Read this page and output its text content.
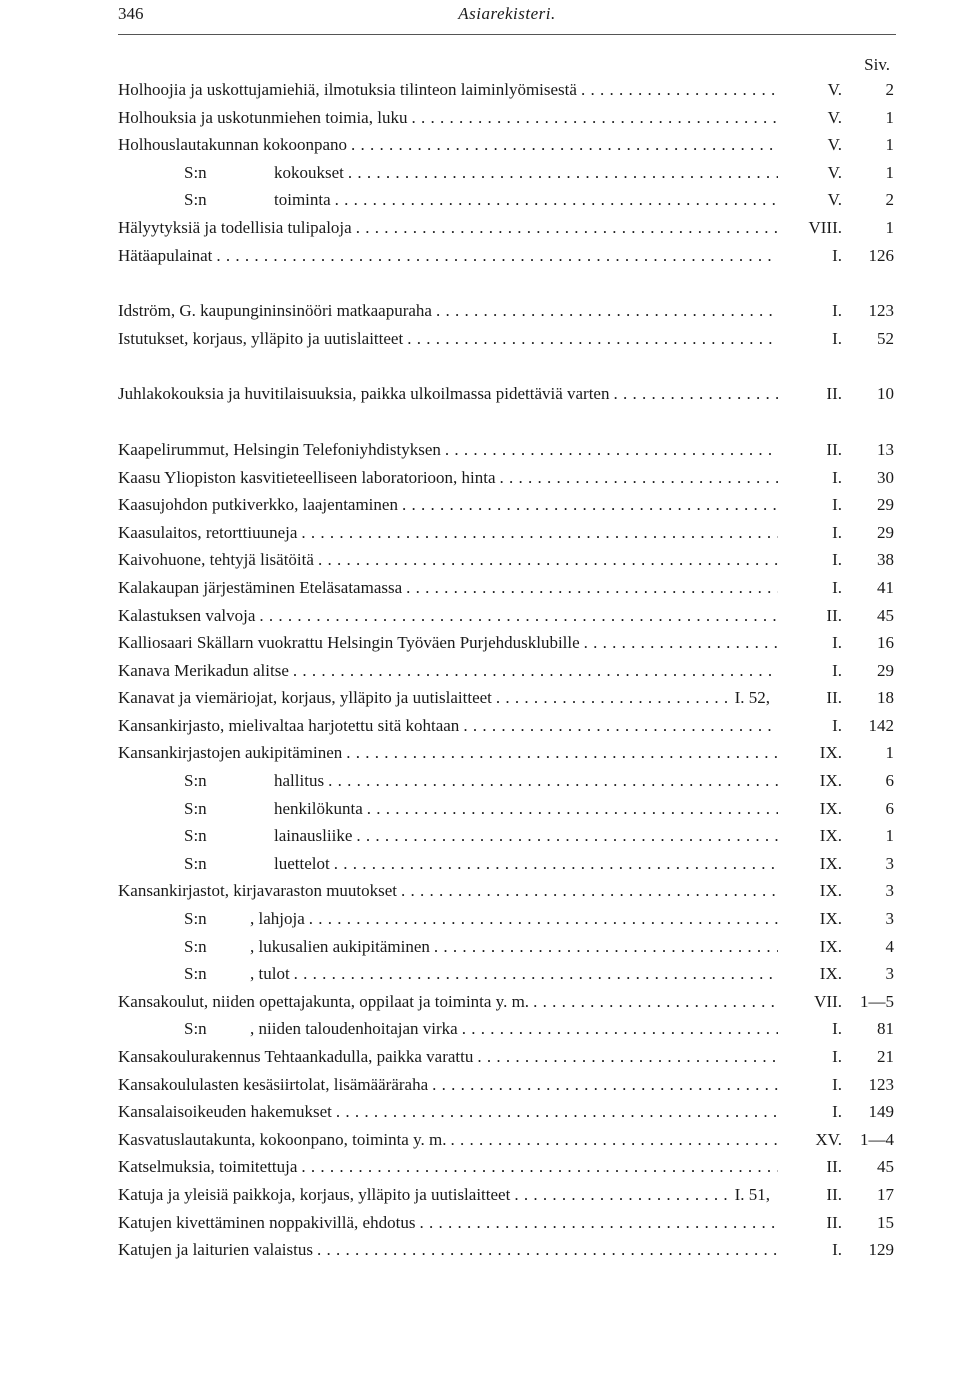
346	Asiarekisteri.
Siv.
Holhoojia ja uskottujamiehiä, ilmotuksia tilinteon laiminlyömisestä . . .	V.	2
Holhouksia ja uskotunmiehen toimia, luku . . .	V.	1
Holhouslautakunnan kokoonpano . . .	V.	1
S:n	kokoukset . . .	V.	1
S:n	toiminta . . .	V.	2
Hälyytyksiä ja todellisia tulipaloja . . .	VIII.	1
Hätäapulainat . . .	I.	126
Idström, G. kaupungininsinööri matkaapuraha . . .	I.	123
Istutukset, korjaus, ylläpito ja uutislaitteet . . .	I.	52
Juhlakokouksia ja huvitilaisuuksia, paikka ulkoilmassa pidettäviä varten . . .	II.	10
Kaapelirummut, Helsingin Telefoniyhdistyksen . . .	II.	13
Kaasu Yliopiston kasvitieteelliseen laboratorioon, hinta . . .	I.	30
Kaasujohdon putkiverkko, laajentaminen . . .	I.	29
Kaasulaitos, retorttiuuneja . . .	I.	29
Kaivohuone, tehtyjä lisätöitä . . .	I.	38
Kalakaupan järjestäminen Eteläsatamassa . . .	I.	41
Kalastuksen valvoja . . .	II.	45
Kalliosaari Skällarn vuokrattu Helsingin Työväen Purjehdusklubille . . .	I.	16
Kanava Merikadun alitse . . .	I.	29
Kanavat ja viemäriojat, korjaus, ylläpito ja uutislaitteet . . .	I. 52,	II.	18
Kansankirjasto, mielivaltaa harjotettu sitä kohtaan . . .	I.	142
Kansankirjastojen aukipitäminen . . .	IX.	1
S:n	hallitus . . .	IX.	6
S:n	henkilökunta . . .	IX.	6
S:n	lainausliike . . .	IX.	1
S:n	luettelot . . .	IX.	3
Kansankirjastot, kirjavaraston muutokset . . .	IX.	3
S:n	, lahjoja . . .	IX.	3
S:n	, lukusalien aukipitäminen . . .	IX.	4
S:n	, tulot . . .	IX.	3
Kansakoulut, niiden opettajakunta, oppilaat ja toiminta y. m. . . .	VII.	1—5
S:n	, niiden taloudenhoitajan virka . . .	I.	81
Kansakoulurakennus Tehtaankadulla, paikka varattu . . .	I.	21
Kansakoululasten kesäsiirtolat, lisämääräraha . . .	I.	123
Kansalaisoikeuden hakemukset . . .	I.	149
Kasvatuslautakunta, kokoonpano, toiminta y. m. . . .	XV.	1—4
Katselmuksia, toimitettuja . . .	II.	45
Katuja ja yleisiä paikkoja, korjaus, ylläpito ja uutislaitteet . . .	I. 51,	II.	17
Katujen kivettäminen noppakivillä, ehdotus . . .	II.	15
Katujen ja laiturien valaistus . . .	I.	129
